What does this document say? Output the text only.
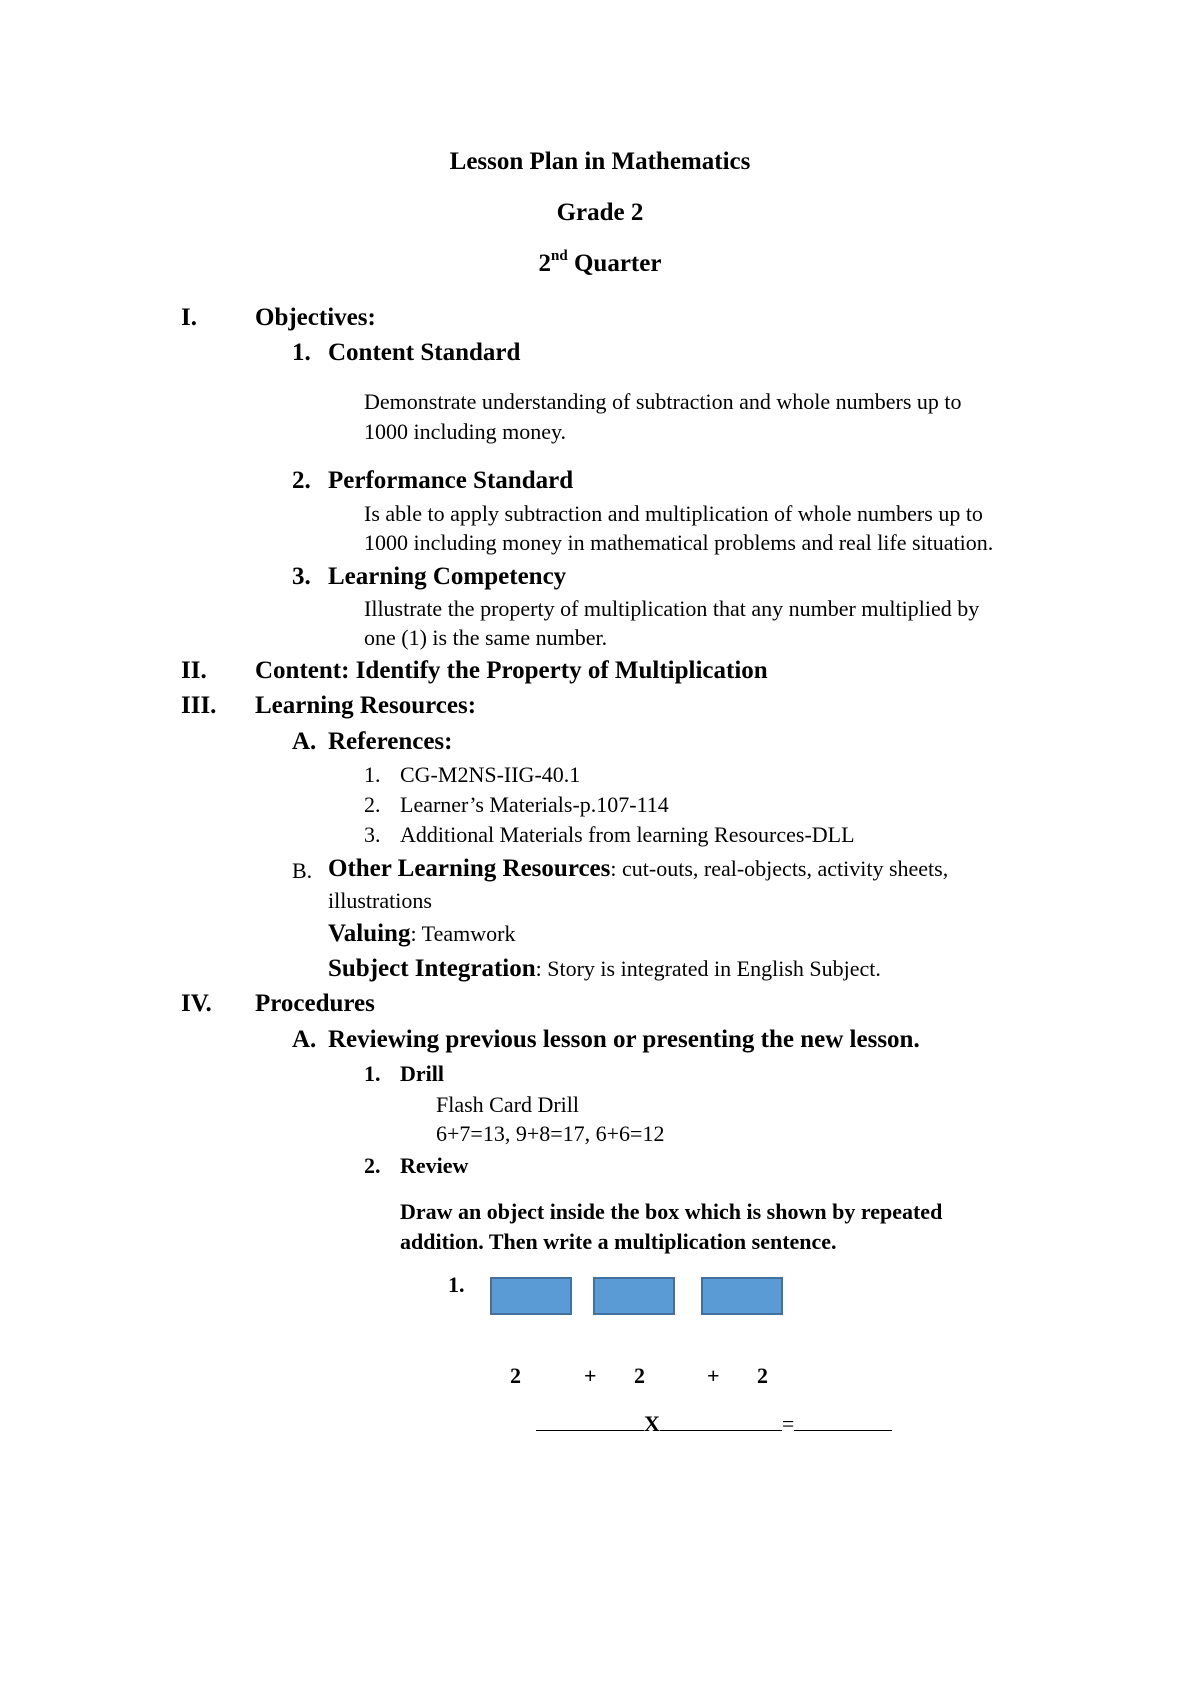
Lesson Plan in Mathematics
Grade 2
2nd Quarter
I. Objectives:
1. Content Standard
Demonstrate understanding of subtraction and whole numbers up to
1000 including money.
2. Performance Standard
Is able to apply subtraction and multiplication of whole numbers up to
1000 including money in mathematical problems and real life situation.
3. Learning Competency
Illustrate the property of multiplication that any number multiplied by
one (1) is the same number.
II. Content: Identify the Property of Multiplication
III. Learning Resources:
A. References:
1. CG-M2NS-IIG-40.1
2. Learner’s Materials-p.107-114
3. Additional Materials from learning Resources-DLL
B. Other Learning Resources: cut-outs, real-objects, activity sheets,
illustrations
Valuing: Teamwork
Subject Integration: Story is integrated in English Subject.
IV. Procedures
A. Reviewing previous lesson or presenting the new lesson.
1. Drill
Flash Card Drill
6+7=13, 9+8=17, 6+6=12
2. Review
Draw an object inside the box which is shown by repeated
addition. Then write a multiplication sentence.
1.
2	+ 2	+ 2
X	=
